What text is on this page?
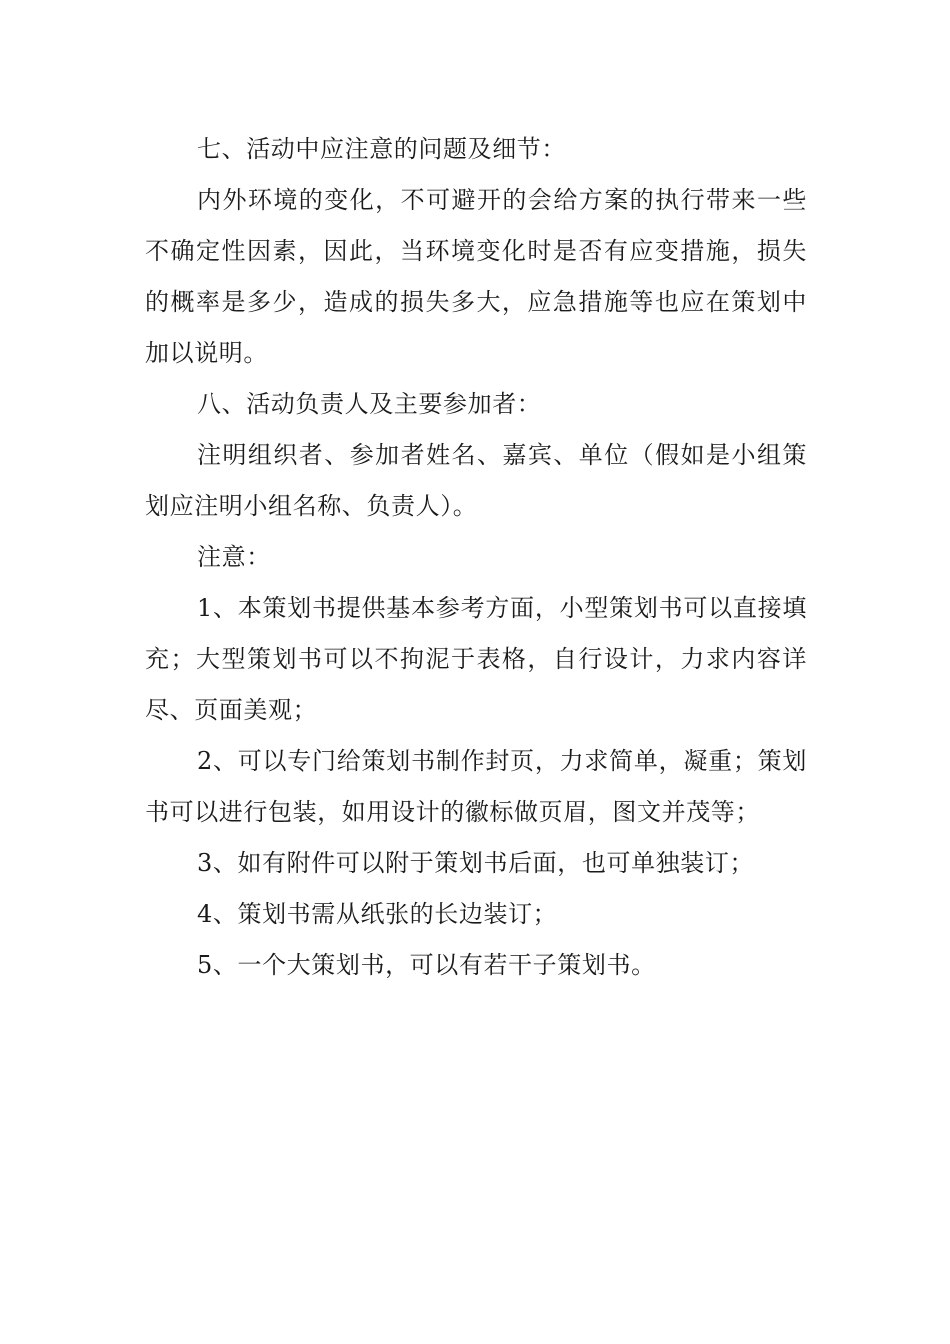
七、活动中应注意的问题及细节：

内外环境的变化，不可避开的会给方案的执行带来一些不确定性因素，因此，当环境变化时是否有应变措施，损失的概率是多少，造成的损失多大，应急措施等也应在策划中加以说明。

八、活动负责人及主要参加者：

注明组织者、参加者姓名、嘉宾、单位（假如是小组策划应注明小组名称、负责人）。

注意：

1、本策划书提供基本参考方面，小型策划书可以直接填充；大型策划书可以不拘泥于表格，自行设计，力求内容详尽、页面美观；

2、可以专门给策划书制作封页，力求简单，凝重；策划书可以进行包装，如用设计的徽标做页眉，图文并茂等；

3、如有附件可以附于策划书后面，也可单独装订；

4、策划书需从纸张的长边装订；

5、一个大策划书，可以有若干子策划书。
